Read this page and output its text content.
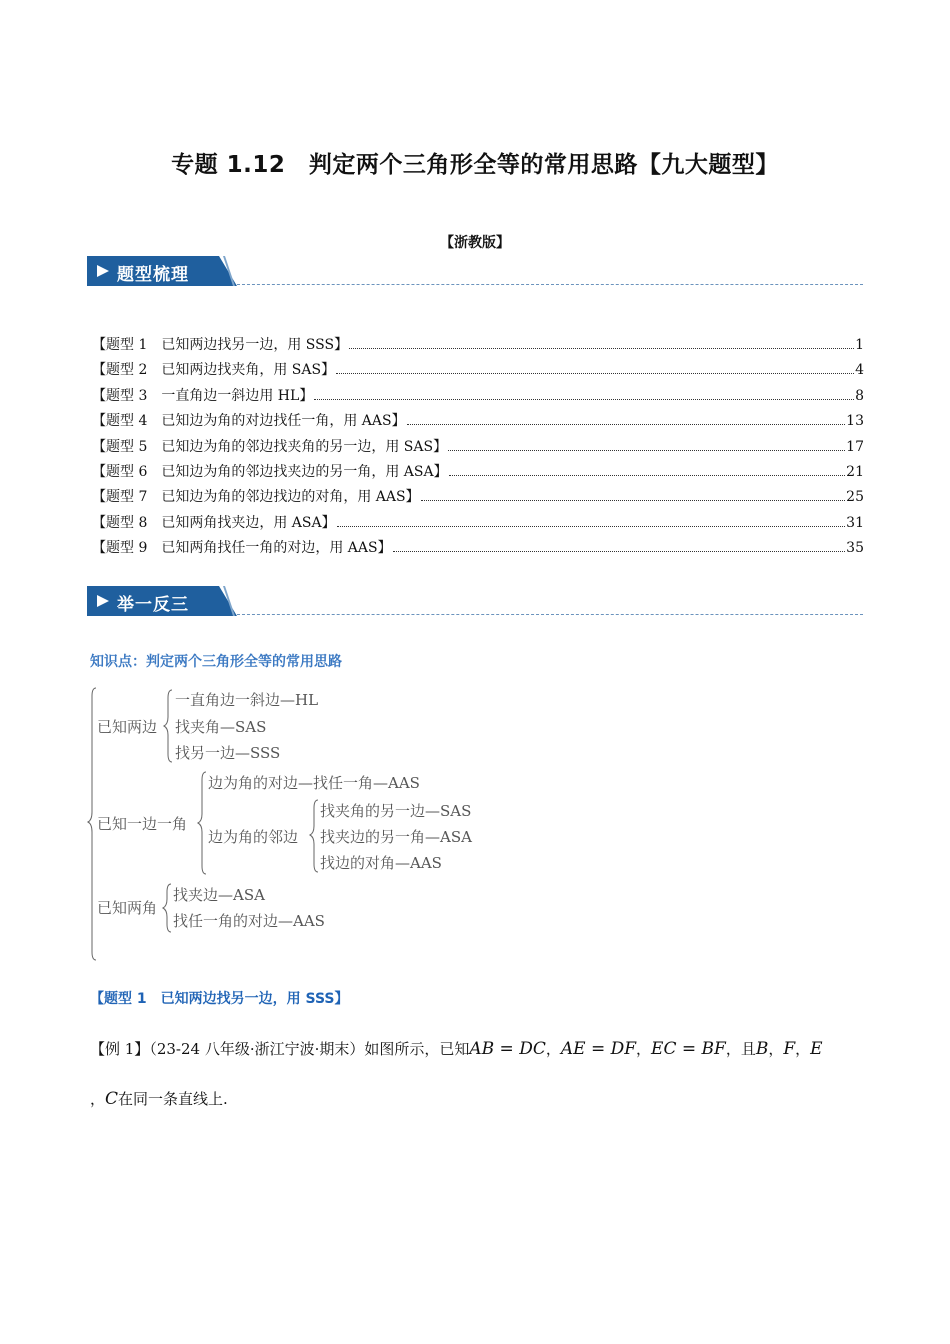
专题 1.12　判定两个三角形全等的常用思路【九大题型】
【浙教版】
题型梳理
【题型 1　已知两边找另一边，用 SSS】	1
【题型 2　已知两边找夹角，用 SAS】	4
【题型 3　一直角边一斜边用 HL】	8
【题型 4　已知边为角的对边找任一角，用 AAS】	13
【题型 5　已知边为角的邻边找夹角的另一边，用 SAS】	17
【题型 6　已知边为角的邻边找夹边的另一角，用 ASA】	21
【题型 7　已知边为角的邻边找边的对角，用 AAS】	25
【题型 8　已知两角找夹边，用 ASA】	31
【题型 9　已知两角找任一角的对边，用 AAS】	35
举一反三
知识点：判定两个三角形全等的常用思路
已知两边
一直角边一斜边—HL
找夹角—SAS
找另一边—SSS
已知一边一角
边为角的对边—找任一角—AAS
边为角的邻边
找夹角的另一边—SAS
找夹边的另一角—ASA
找边的对角—AAS
已知两角
找夹边—ASA
找任一角的对边—AAS
【题型 1　已知两边找另一边，用 SSS】
【例 1】（23-24 八年级·浙江宁波·期末）如图所示，已知AB = DC，AE = DF，EC = BF，且B，F，E
，C在同一条直线上.
